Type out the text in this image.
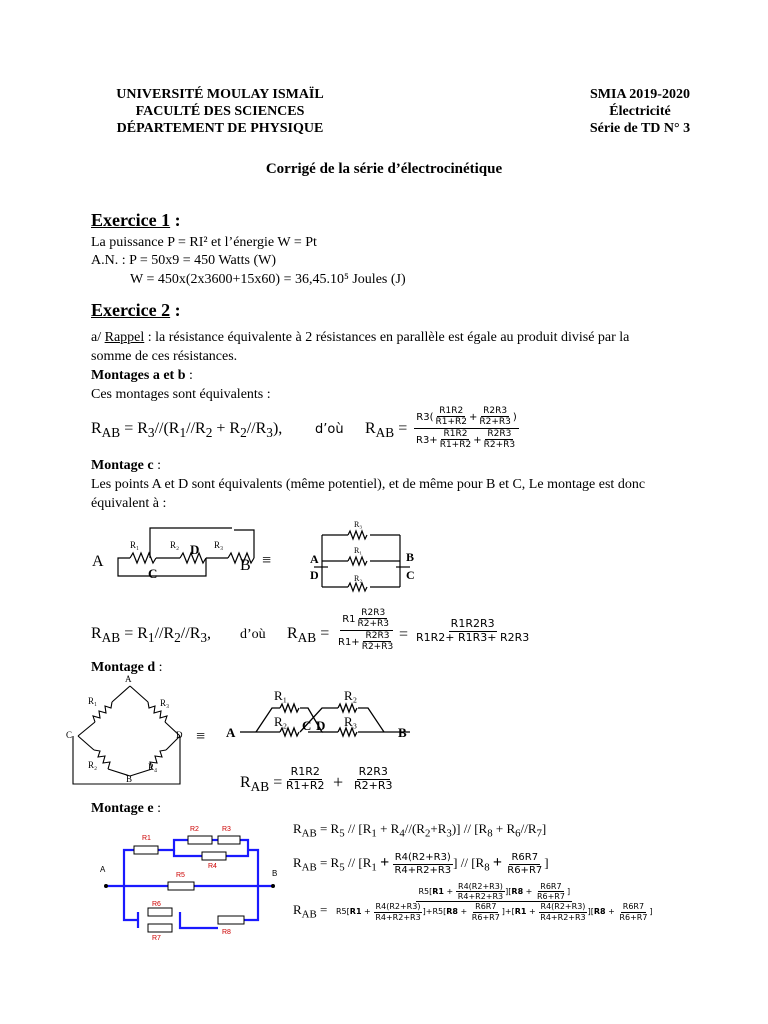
UNIVERSITÉ MOULAY ISMAÏL
FACULTÉ DES SCIENCES
DÉPARTEMENT DE PHYSIQUE
SMIA 2019-2020
Électricité
Série de TD N° 3
Corrigé de la série d’électrocinétique
Exercice 1 :
La puissance P = RI² et l’énergie W = Pt
A.N. : P = 50x9 = 450 Watts (W)
W = 450x(2x3600+15x60) = 36,45.10⁵ Joules (J)
Exercice 2 :
a/ Rappel : la résistance équivalente à 2 résistances en parallèle est égale au produit divisé par la
somme de ces résistances.
Montages a et b :
Ces montages sont équivalents :
$R_{AB} = R_3//(R_1//R_2 + R_2//R_3)$,	d’où $R_{AB} = \frac{R3( \frac{R1R2}{R1+R2} + \frac{R2R3}{R2+R3} )}{R3+ \frac{R1R2}{R1+R2} + \frac{R2R3}{R2+R3}}$
Montage c :
Les points A et D sont équivalents (même potentiel), et de même pour B et C, Le montage est donc
équivalent à :
A
R₁	R₂ D R₃
C	B ≡
R₃
R₁
R₂
A
D
B
C
$R_{AB} = R_1//R_2//R_3$, d’où $R_{AB} = \frac{R1 \frac{R2R3}{R2+R3}}{R1+ \frac{R2R3}{R2+R3}} = \frac{R1R2R3}{R1R2+ R1R3+ R2R3}$
Montage d :
A
R₁	R₃
C	D
R₂	R₄
B
≡ A
R₁
R₂ C D
R₂
R₃
B
$R_{AB} = \frac{R1R2}{R1+R2} + \frac{R2R3}{R2+R3}$
Montage e :
R1
R2	R3
R4
R5
R6
R7
R8
A	B
$R_{AB} = R_5 // [R_1 + R_4//(R_2+R_3)] // [R_8 + R_6//R_7]$
$R_{AB} = R_5 // [R_1 + \frac{R4(R2+R3)}{R4+R2+R3}$ ] // [$R_8 + \frac{R6R7}{R6+R7}$ ]
$R_{AB}$ =
$R5[R1 + \frac{R4(R2+R3)}{R4+R2+R3} ][R8 + \frac{R6R7}{R6+R7}$ ]
$R5[R1 + \frac{R4(R2+R3)}{R4+R2+R3} ]+R5[R8 + \frac{R6R7}{R6+R7} ]+[R1 + \frac{R4(R2+R3)}{R4+R2+R3} ][R8 + \frac{R6R7}{R6+R7}$ ]
